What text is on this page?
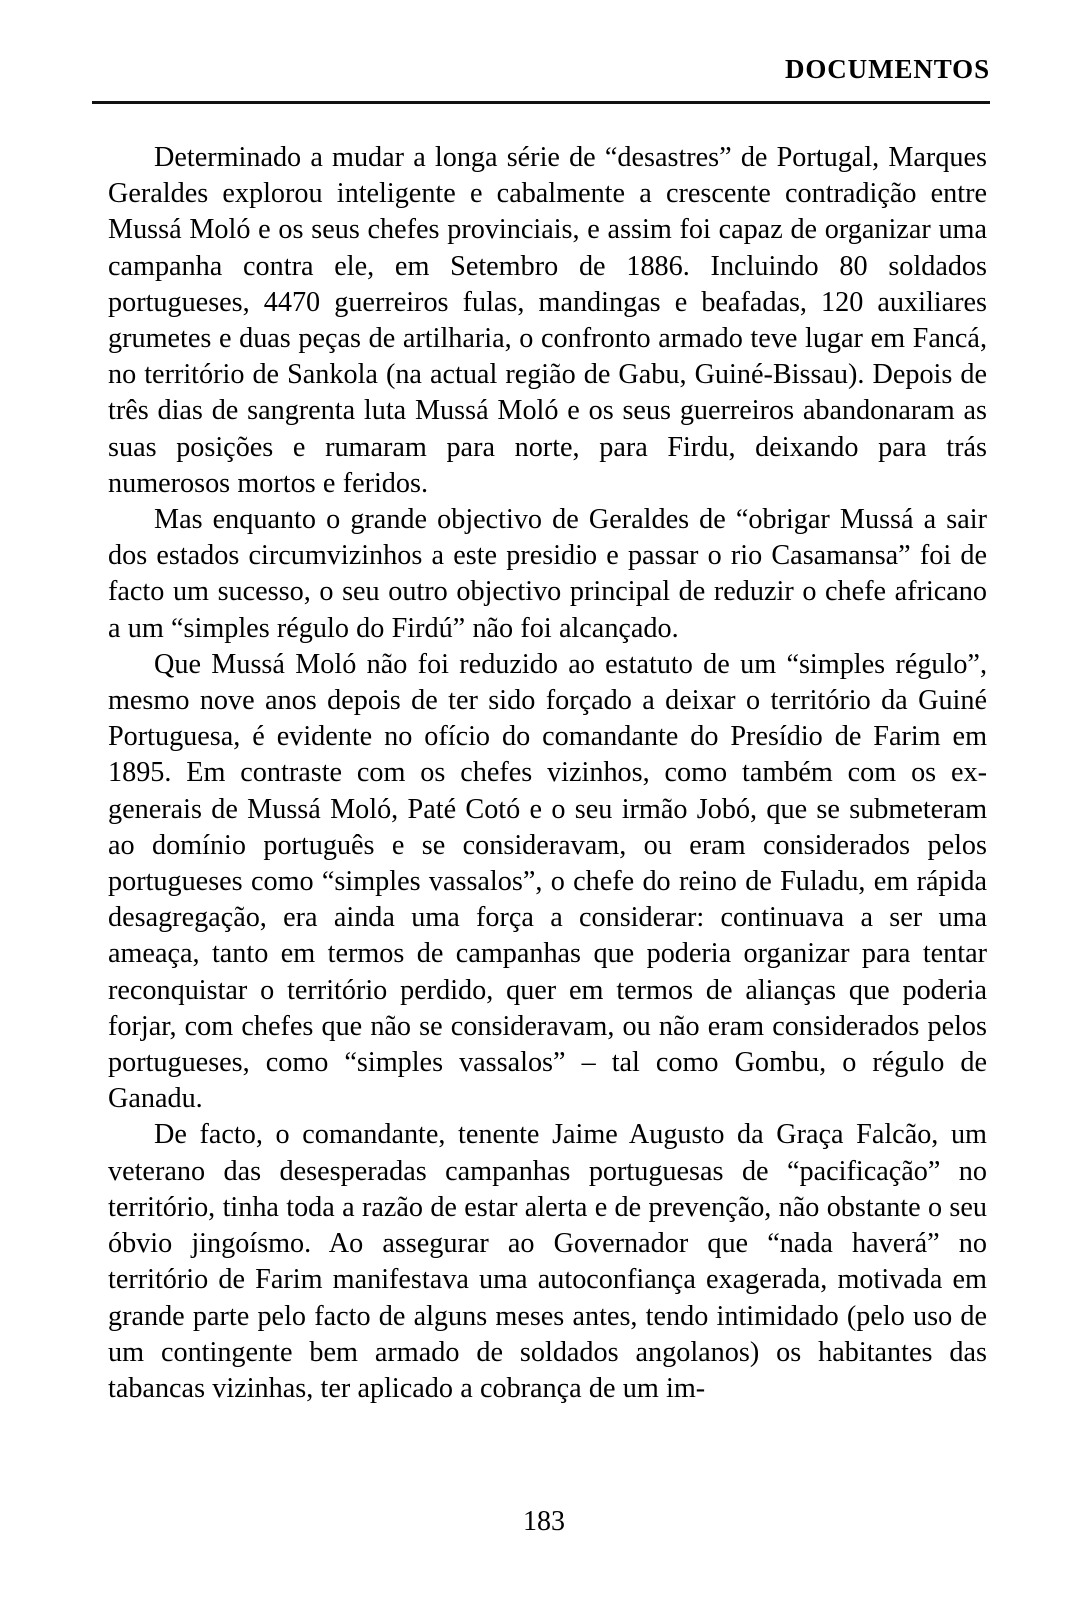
DOCUMENTOS

Determinado a mudar a longa série de “desastres” de Portugal, Marques Geraldes explorou inteligente e cabalmente a crescente contradição entre Mussá Moló e os seus chefes provinciais, e assim foi capaz de organizar uma campanha contra ele, em Setembro de 1886. Incluindo 80 soldados portugueses, 4470 guerreiros fulas, mandingas e beafadas, 120 auxiliares grumetes e duas peças de artilharia, o confronto armado teve lugar em Fancá, no território de Sankola (na actual região de Gabu, Guiné-Bissau). Depois de três dias de sangrenta luta Mussá Moló e os seus guerreiros abandonaram as suas posições e rumaram para norte, para Firdu, deixando para trás numerosos mortos e feridos.

Mas enquanto o grande objectivo de Geraldes de “obrigar Mussá a sair dos estados circumvizinhos a este presidio e passar o rio Casamansa” foi de facto um sucesso, o seu outro objectivo principal de reduzir o chefe africano a um “simples régulo do Firdú” não foi alcançado.

Que Mussá Moló não foi reduzido ao estatuto de um “simples régulo”, mesmo nove anos depois de ter sido forçado a deixar o território da Guiné Portuguesa, é evidente no ofício do comandante do Presídio de Farim em 1895. Em contraste com os chefes vizinhos, como também com os ex-generais de Mussá Moló, Paté Cotó e o seu irmão Jobó, que se submeteram ao domínio português e se consideravam, ou eram considerados pelos portugueses como “simples vassalos”, o chefe do reino de Fuladu, em rápida desagregação, era ainda uma força a considerar: continuava a ser uma ameaça, tanto em termos de campanhas que poderia organizar para tentar reconquistar o território perdido, quer em termos de alianças que poderia forjar, com chefes que não se consideravam, ou não eram considerados pelos portugueses, como “simples vassalos” – tal como Gombu, o régulo de Ganadu.

De facto, o comandante, tenente Jaime Augusto da Graça Falcão, um veterano das desesperadas campanhas portuguesas de “pacificação” no território, tinha toda a razão de estar alerta e de prevenção, não obstante o seu óbvio jingoísmo. Ao assegurar ao Governador que “nada haverá” no território de Farim manifestava uma autoconfiança exagerada, motivada em grande parte pelo facto de alguns meses antes, tendo intimidado (pelo uso de um contingente bem armado de soldados angolanos) os habitantes das tabancas vizinhas, ter aplicado a cobrança de um im-

183
